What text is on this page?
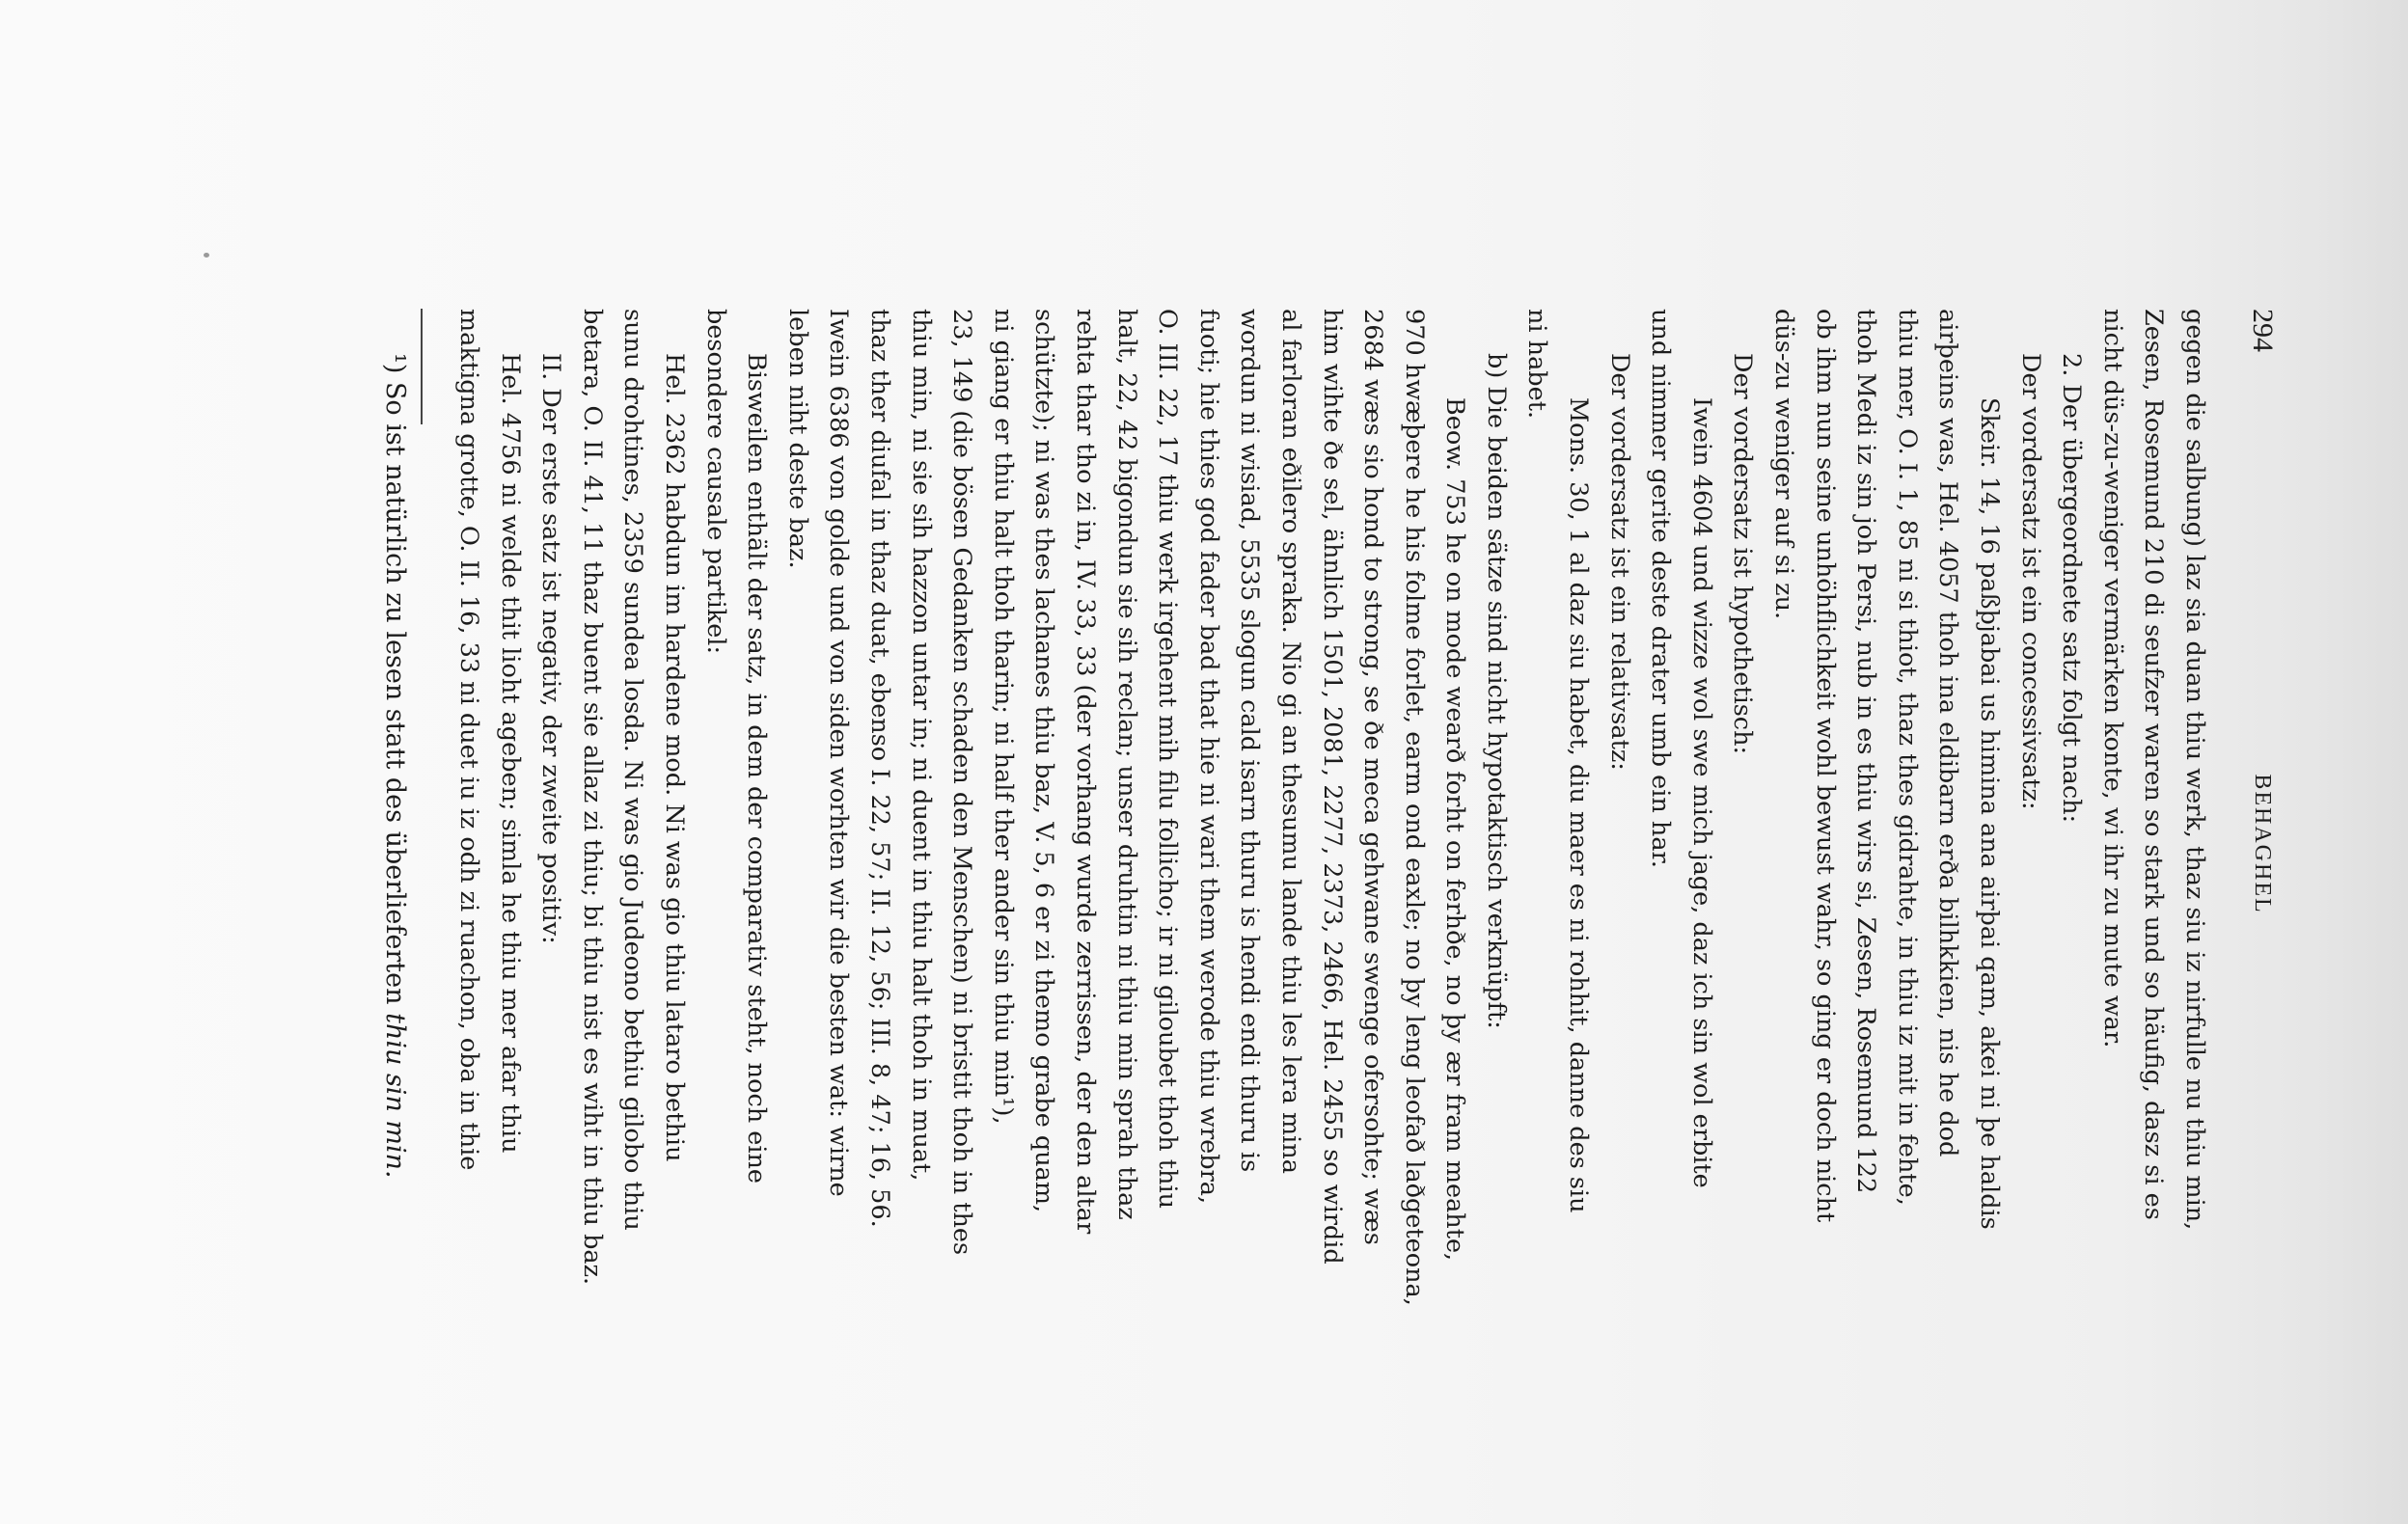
294
BEHAGHEL
gegen die salbung) laz sia duan thiu werk, thaz siu iz nirfulle nu thiu min,
Zesen, Rosemund 210 di seufzer waren so stark und so häufig, dasz si es
nicht düs-zu-weniger vermärken konte, wi ihr zu mute war.
2. Der übergeordnete satz folgt nach:
Der vordersatz ist ein concessivsatz:
Skeir. 14, 16 paßþjabai us himina ana airþai qam, akei ni þe haldis
airþeins was, Hel. 4057 thoh ina eldibarn erða bilhkkien, nis he dod
thiu mer, O. I. 1, 85 ni si thiot, thaz thes gidrahte, in thiu iz mit in fehte,
thoh Medi iz sin joh Persi, nub in es thiu wirs si, Zesen, Rosemund 122
ob ihm nun seine unhöhflichkeit wohl bewust wahr, so ging er doch nicht
düs-zu weniger auf si zu.
Der vordersatz ist hypothetisch:
Iwein 4604 und wizze wol swe mich jage, daz ich sin wol erbite
und nimmer gerite deste drater umb ein har.
Der vordersatz ist ein relativsatz:
Mons. 30, 1 al daz siu habet, diu maer es ni rohhit, danne des siu
ni habet.
b) Die beiden sätze sind nicht hypotaktisch verknüpft:
Beow. 753 he on mode wearð forht on ferhðe, no þy ær fram meahte,
970 hwæþere he his folme forlet, earm ond eaxle; no þy leng leofað laðgeteona,
2684 wæs sio hond to strong, se ðe meca gehwane swenge ofersohte; wæs
him wihte ðe sel, ähnlich 1501, 2081, 2277, 2373, 2466, Hel. 2455 so wirdid
al farloran eðilero spraka. Nio gi an thesumu lande thiu les lera mina
wordun ni wisiad, 5535 slogun cald isarn thuru is hendi endi thuru is
fuoti; hie thies god fader bad that hie ni wari them werode thiu wrebra,
O. III. 22, 17 thiu werk irgehent mih filu follicho; ir ni giloubet thoh thiu
halt, 22, 42 bigondun sie sih reclan; unser druhtin ni thiu min sprah thaz
rehta thar tho zi in, IV. 33, 33 (der vorhang wurde zerrissen, der den altar
schützte); ni was thes lachanes thiu baz, V. 5, 6 er zi themo grabe quam,
ni giang er thiu halt thoh tharin; ni half ther ander sin thiu min¹),
23, 149 (die bösen Gedanken schaden den Menschen) ni bristit thoh in thes
thiu min, ni sie sih hazzon untar in; ni duent in thiu halt thoh in muat,
thaz ther diufal in thaz duat, ebenso I. 22, 57; II. 12, 56; III. 8, 47; 16, 56.
Iwein 6386 von golde und von siden worhten wir die besten wat: wirne
leben niht deste baz.
Bisweilen enthält der satz, in dem der comparativ steht, noch eine
besondere causale partikel:
Hel. 2362 habdun im hardene mod. Ni was gio thiu lataro bethiu
sunu drohtines, 2359 sundea losda. Ni was gio Judeono bethiu gilobo thiu
betara, O. II. 41, 11 thaz buent sie allaz zi thiu; bi thiu nist es wiht in thiu baz.
II. Der erste satz ist negativ, der zweite positiv:
Hel. 4756 ni welde thit lioht ageben; simla he thiu mer afar thiu
maktigna grotte, O. II. 16, 33 ni duet iu iz odh zi ruachon, oba in thie
¹) So ist natürlich zu lesen statt des überlieferten thiu sin min.
